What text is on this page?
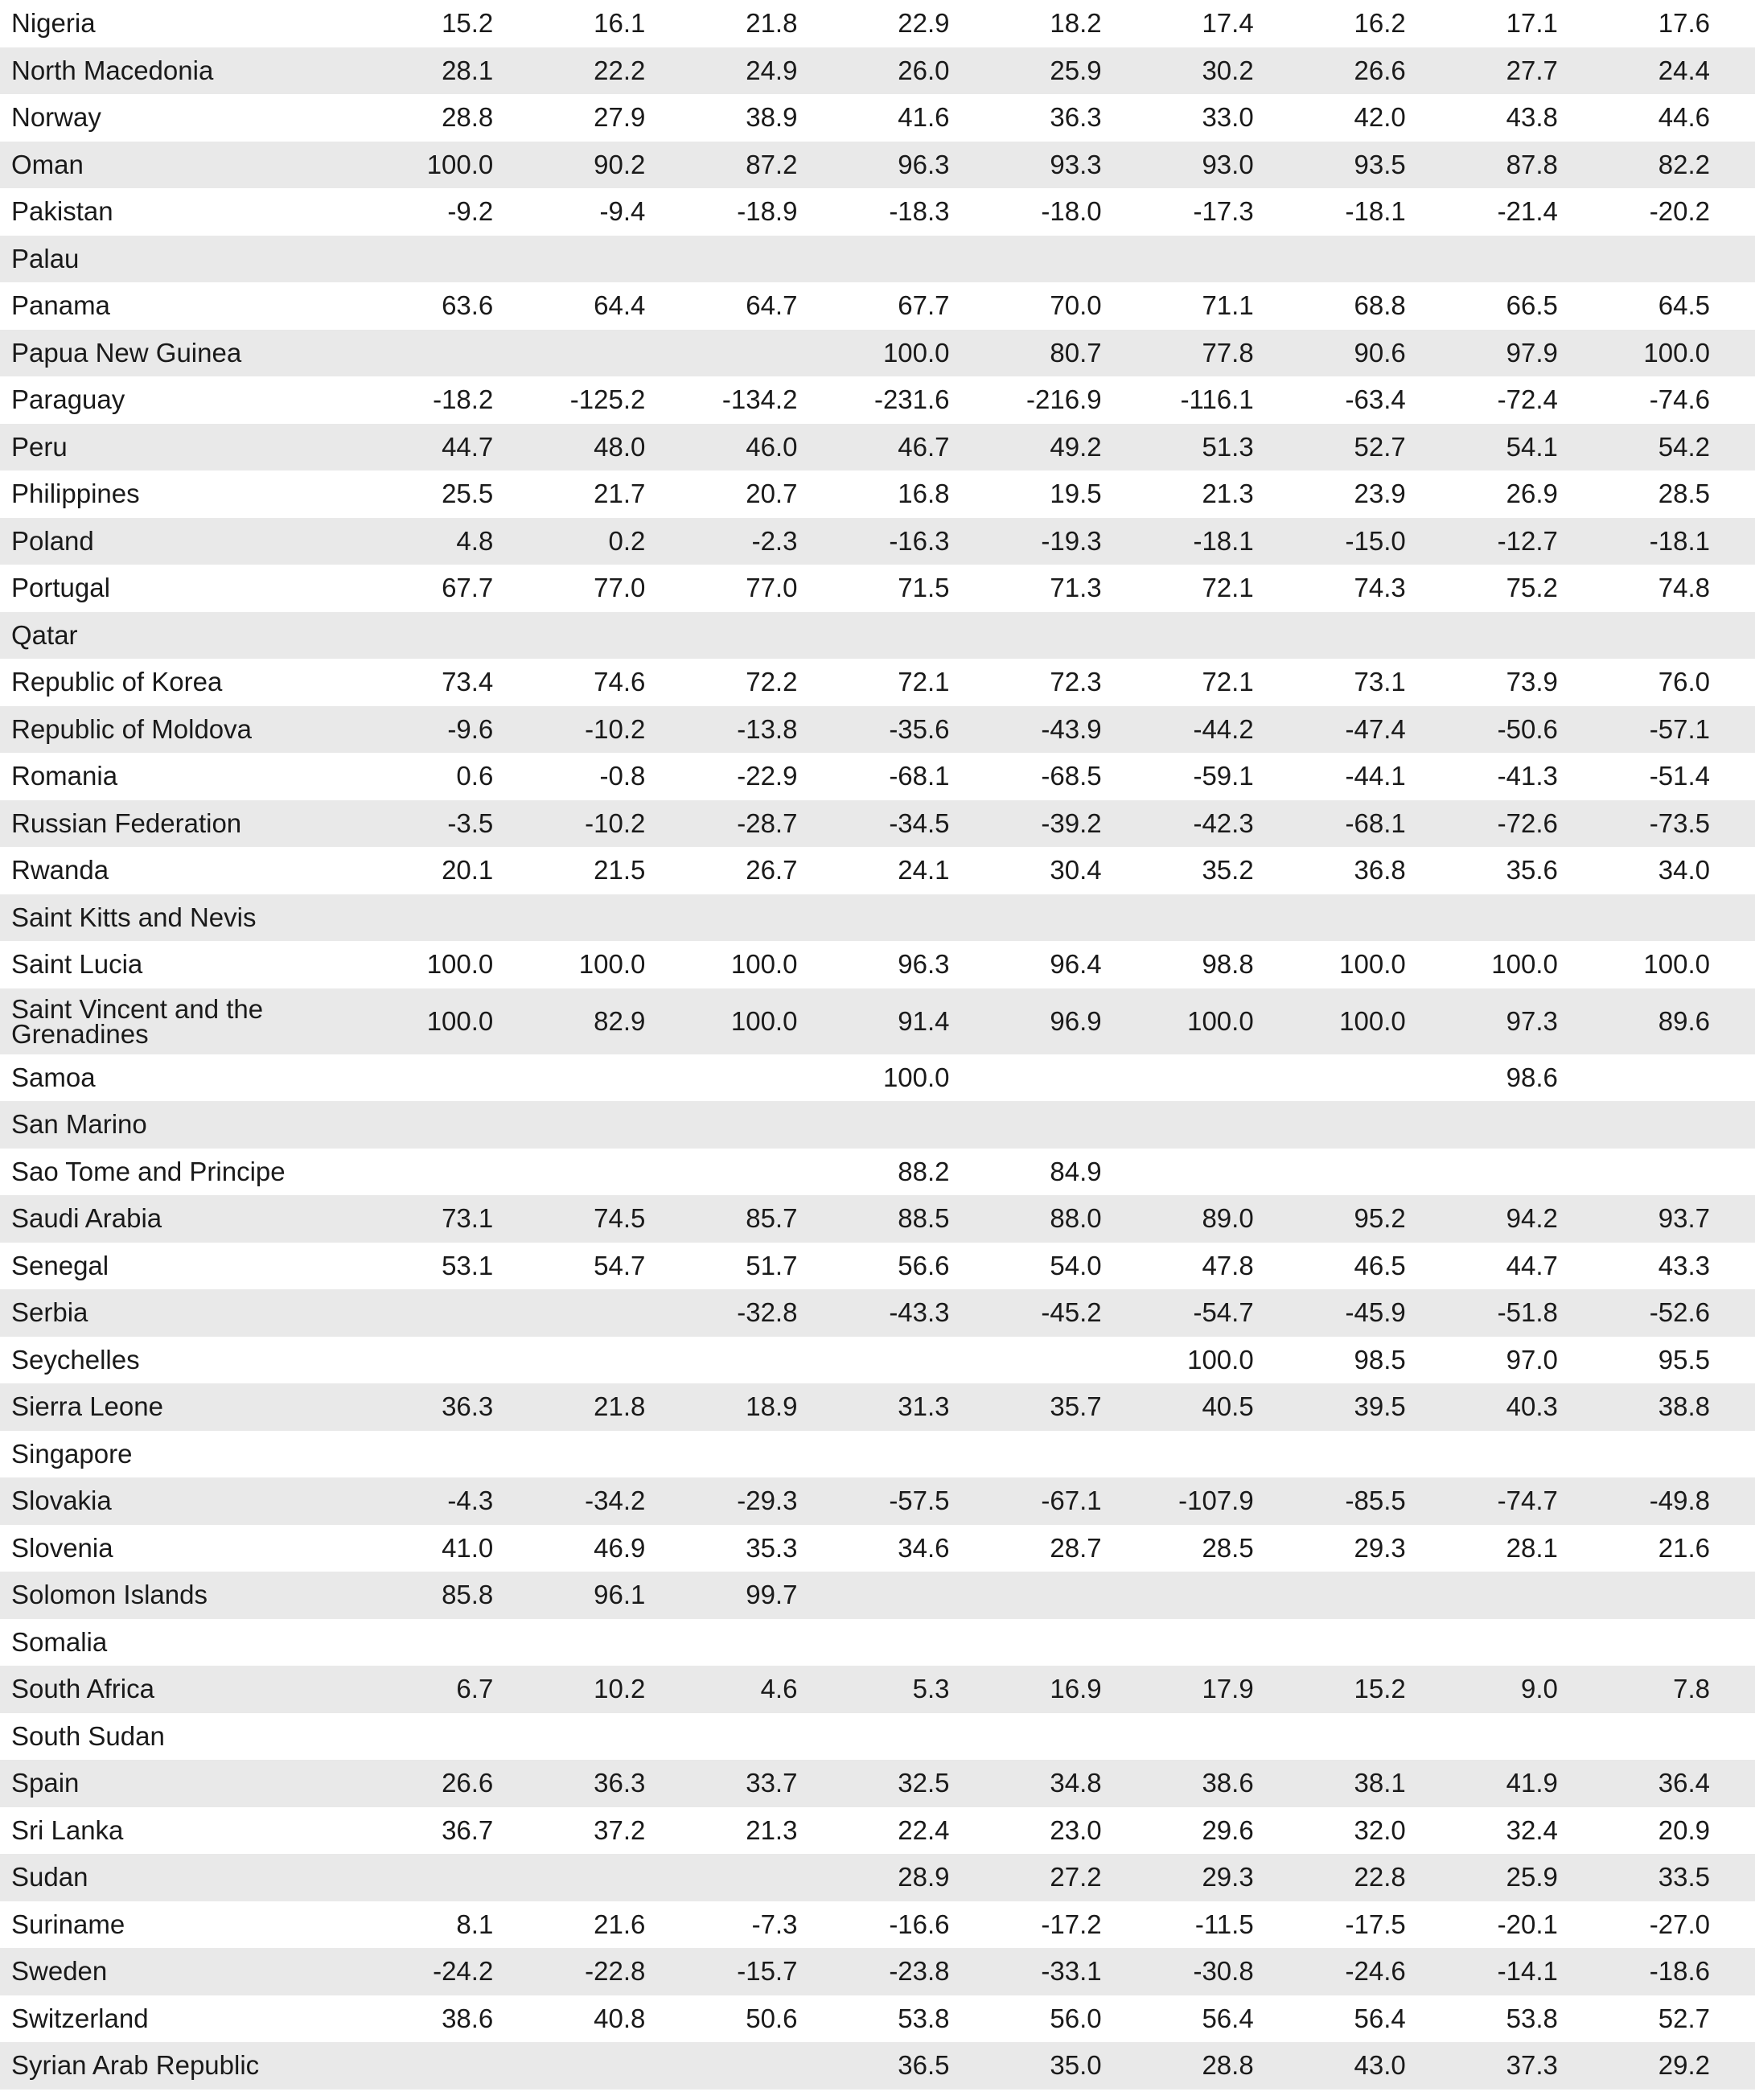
Nigeria	15.2	16.1	21.8	22.9	18.2	17.4	16.2	17.1	17.6
North Macedonia	28.1	22.2	24.9	26.0	25.9	30.2	26.6	27.7	24.4
Norway	28.8	27.9	38.9	41.6	36.3	33.0	42.0	43.8	44.6
Oman	100.0	90.2	87.2	96.3	93.3	93.0	93.5	87.8	82.2
Pakistan	-9.2	-9.4	-18.9	-18.3	-18.0	-17.3	-18.1	-21.4	-20.2
Palau									
Panama	63.6	64.4	64.7	67.7	70.0	71.1	68.8	66.5	64.5
Papua New Guinea				100.0	80.7	77.8	90.6	97.9	100.0
Paraguay	-18.2	-125.2	-134.2	-231.6	-216.9	-116.1	-63.4	-72.4	-74.6
Peru	44.7	48.0	46.0	46.7	49.2	51.3	52.7	54.1	54.2
Philippines	25.5	21.7	20.7	16.8	19.5	21.3	23.9	26.9	28.5
Poland	4.8	0.2	-2.3	-16.3	-19.3	-18.1	-15.0	-12.7	-18.1
Portugal	67.7	77.0	77.0	71.5	71.3	72.1	74.3	75.2	74.8
Qatar									
Republic of Korea	73.4	74.6	72.2	72.1	72.3	72.1	73.1	73.9	76.0
Republic of Moldova	-9.6	-10.2	-13.8	-35.6	-43.9	-44.2	-47.4	-50.6	-57.1
Romania	0.6	-0.8	-22.9	-68.1	-68.5	-59.1	-44.1	-41.3	-51.4
Russian Federation	-3.5	-10.2	-28.7	-34.5	-39.2	-42.3	-68.1	-72.6	-73.5
Rwanda	20.1	21.5	26.7	24.1	30.4	35.2	36.8	35.6	34.0
Saint Kitts and Nevis									
Saint Lucia	100.0	100.0	100.0	96.3	96.4	98.8	100.0	100.0	100.0
Saint Vincent and the Grenadines	100.0	82.9	100.0	91.4	96.9	100.0	100.0	97.3	89.6
Samoa				100.0				98.6	
San Marino									
Sao Tome and Principe				88.2	84.9				
Saudi Arabia	73.1	74.5	85.7	88.5	88.0	89.0	95.2	94.2	93.7
Senegal	53.1	54.7	51.7	56.6	54.0	47.8	46.5	44.7	43.3
Serbia			-32.8	-43.3	-45.2	-54.7	-45.9	-51.8	-52.6
Seychelles						100.0	98.5	97.0	95.5
Sierra Leone	36.3	21.8	18.9	31.3	35.7	40.5	39.5	40.3	38.8
Singapore									
Slovakia	-4.3	-34.2	-29.3	-57.5	-67.1	-107.9	-85.5	-74.7	-49.8
Slovenia	41.0	46.9	35.3	34.6	28.7	28.5	29.3	28.1	21.6
Solomon Islands	85.8	96.1	99.7						
Somalia									
South Africa	6.7	10.2	4.6	5.3	16.9	17.9	15.2	9.0	7.8
South Sudan									
Spain	26.6	36.3	33.7	32.5	34.8	38.6	38.1	41.9	36.4
Sri Lanka	36.7	37.2	21.3	22.4	23.0	29.6	32.0	32.4	20.9
Sudan				28.9	27.2	29.3	22.8	25.9	33.5
Suriname	8.1	21.6	-7.3	-16.6	-17.2	-11.5	-17.5	-20.1	-27.0
Sweden	-24.2	-22.8	-15.7	-23.8	-33.1	-30.8	-24.6	-14.1	-18.6
Switzerland	38.6	40.8	50.6	53.8	56.0	56.4	56.4	53.8	52.7
Syrian Arab Republic				36.5	35.0	28.8	43.0	37.3	29.2
